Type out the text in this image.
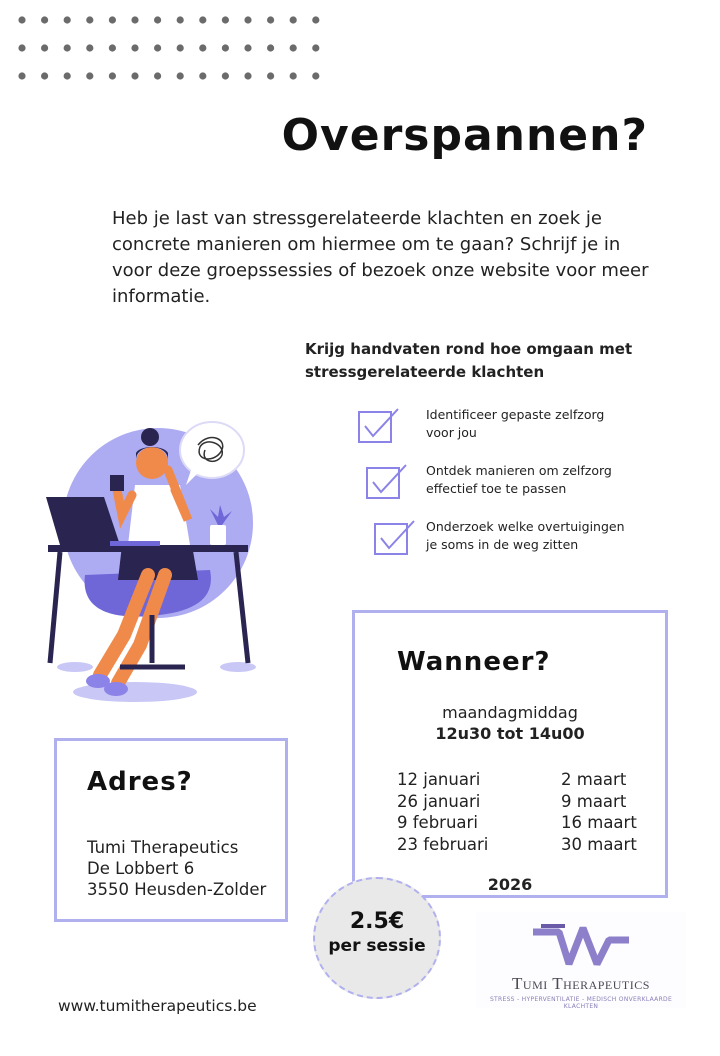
Overspannen?
Heb je last van stressgerelateerde klachten en zoek je concrete manieren om hiermee om te gaan? Schrijf je in voor deze groepssessies of bezoek onze website voor meer informatie.
Krijg handvaten rond hoe omgaan met stressgerelateerde klachten
Identificeer gepaste zelfzorg voor jou
Ontdek manieren om zelfzorg effectief toe te passen
Onderzoek welke overtuigingen je soms in de weg zitten
Wanneer?
maandagmiddag
12u30 tot 14u00
12 januari
26 januari
9 februari
23 februari
2 maart
9 maart
16 maart
30 maart
2026
Adres?
Tumi Therapeutics
De Lobbert 6
3550 Heusden-Zolder
2.5€
per sessie
Tumi Therapeutics
STRESS - HYPERVENTILATIE - MEDISCH ONVERKLAARDE KLACHTEN
www.tumitherapeutics.be
